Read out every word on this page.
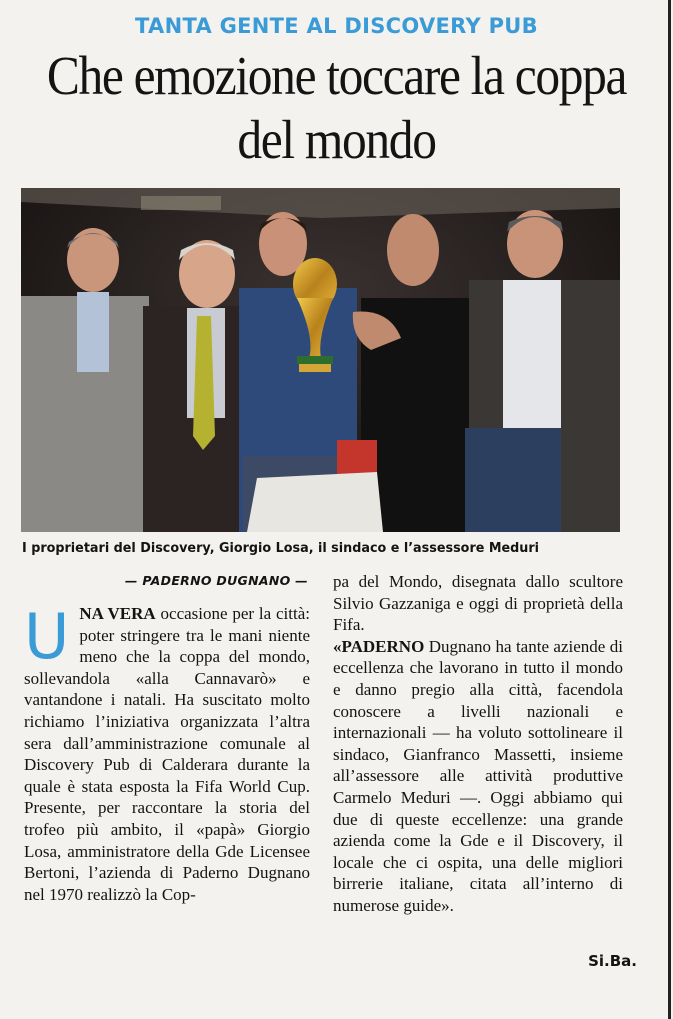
TANTA GENTE AL DISCOVERY PUB
Che emozione toccare la coppa del mondo

I proprietari del Discovery, Giorgio Losa, il sindaco e l’assessore Meduri

— PADERNO DUGNANO —

UNA VERA occasione per la città: poter stringere tra le mani niente meno che la coppa del mondo, sollevandola «alla Cannavarò» e vantandone i natali. Ha suscitato molto richiamo l’iniziativa organizzata l’altra sera dall’amministrazione comunale al Discovery Pub di Calderara durante la quale è stata esposta la Fifa World Cup. Presente, per raccontare la storia del trofeo più ambito, il «papà» Giorgio Losa, amministratore della Gde Licensee Bertoni, l’azienda di Paderno Dugnano nel 1970 realizzò la Cop-

pa del Mondo, disegnata dallo scultore Silvio Gazzaniga e oggi di proprietà della Fifa.

«PADERNO Dugnano ha tante aziende di eccellenza che lavorano in tutto il mondo e danno pregio alla città, facendola conoscere a livelli nazionali e internazionali — ha voluto sottolineare il sindaco, Gianfranco Massetti, insieme all’assessore alle attività produttive Carmelo Meduri —. Oggi abbiamo qui due di queste eccellenze: una grande azienda come la Gde e il Discovery, il locale che ci ospita, una delle migliori birrerie italiane, citata all’interno di numerose guide».

Si.Ba.
